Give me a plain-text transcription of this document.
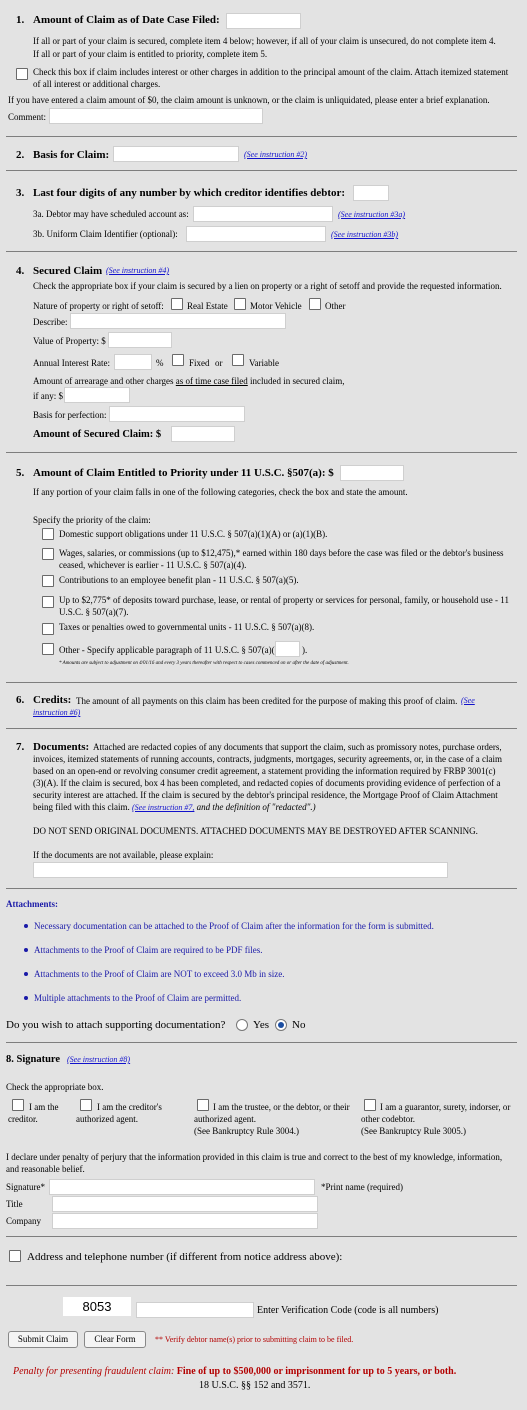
1. Amount of Claim as of Date Case Filed:
If all or part of your claim is secured, complete item 4 below; however, if all of your claim is unsecured, do not complete item 4.
If all or part of your claim is entitled to priority, complete item 5.
Check this box if claim includes interest or other charges in addition to the principal amount of the claim. Attach itemized statement
of all interest or additional charges.
If you have entered a claim amount of $0, the claim amount is unknown, or the claim is unliquidated, please enter a brief explanation.
Comment:
2. Basis for Claim:	(See instruction #2)
3. Last four digits of any number by which creditor identifies debtor:
3a. Debtor may have scheduled account as:	(See instruction #3a)
3b. Uniform Claim Identifier (optional):	(See instruction #3b)
4. Secured Claim (See instruction #4)
Check the appropriate box if your claim is secured by a lien on property or a right of setoff and provide the requested information.
Nature of property or right of setoff:	Real Estate Motor Vehicle	Other
Describe:
Value of Property: $
Annual Interest Rate:	%	Fixed or	Variable
Amount of arrearage and other charges as of time case filed included in secured claim,
if any: $
Basis for perfection:
Amount of Secured Claim: $
5. Amount of Claim Entitled to Priority under 11 U.S.C. §507(a): $
If any portion of your claim falls in one of the following categories, check the box and state the amount.
Specify the priority of the claim:
Domestic support obligations under 11 U.S.C. § 507(a)(1)(A) or (a)(1)(B).
Wages, salaries, or commissions (up to $12,475),* earned within 180 days before the case was filed or the debtor's business
ceased, whichever is earlier - 11 U.S.C. § 507(a)(4).
Contributions to an employee benefit plan - 11 U.S.C. § 507(a)(5).
Up to $2,775* of deposits toward purchase, lease, or rental of property or services for personal, family, or household use - 11
U.S.C. § 507(a)(7).
Taxes or penalties owed to governmental units - 11 U.S.C. § 507(a)(8).
Other - Specify applicable paragraph of 11 U.S.C. § 507(a)(	).
* Amounts are subject to adjustment on 4/01/16 and every 3 years thereafter with respect to cases commenced on or after the date of adjustment.
6. Credits: The amount of all payments on this claim has been credited for the purpose of making this proof of claim. (See
instruction #6)
7. Documents: Attached are redacted copies of any documents that support the claim, such as promissory notes, purchase orders,
invoices, itemized statements of running accounts, contracts, judgments, mortgages, security agreements, or, in the case of a claim
based on an open-end or revolving consumer credit agreement, a statement providing the information required by FRBP 3001(c)
(3)(A). If the claim is secured, box 4 has been completed, and redacted copies of documents providing evidence of perfection of a
security interest are attached. If the claim is secured by the debtor's principal residence, the Mortgage Proof of Claim Attachment
being filed with this claim. (See instruction #7, and the definition of "redacted".)
DO NOT SEND ORIGINAL DOCUMENTS. ATTACHED DOCUMENTS MAY BE DESTROYED AFTER SCANNING.
If the documents are not available, please explain:
Attachments:
Necessary documentation can be attached to the Proof of Claim after the information for the form is submitted.
Attachments to the Proof of Claim are required to be PDF files.
Attachments to the Proof of Claim are NOT to exceed 3.0 Mb in size.
Multiple attachments to the Proof of Claim are permitted.
Do you wish to attach supporting documentation?	Yes No
8. Signature (See instruction #8)
Check the appropriate box.
I am the
creditor.
I am the creditor's
authorized agent.
I am the trustee, or the debtor, or their
authorized agent.
(See Bankruptcy Rule 3004.)
I am a guarantor, surety, indorser, or
other codebtor.
(See Bankruptcy Rule 3005.)
I declare under penalty of perjury that the information provided in this claim is true and correct to the best of my knowledge, information,
and reasonable belief.
Signature*	*Print name (required)
Title
Company
Address and telephone number (if different from notice address above):
8053	Enter Verification Code (code is all numbers)
Submit Claim	Clear Form	** Verify debtor name(s) prior to submitting claim to be filed.
Penalty for presenting fraudulent claim: Fine of up to $500,000 or imprisonment for up to 5 years, or both.
18 U.S.C. §§ 152 and 3571.
